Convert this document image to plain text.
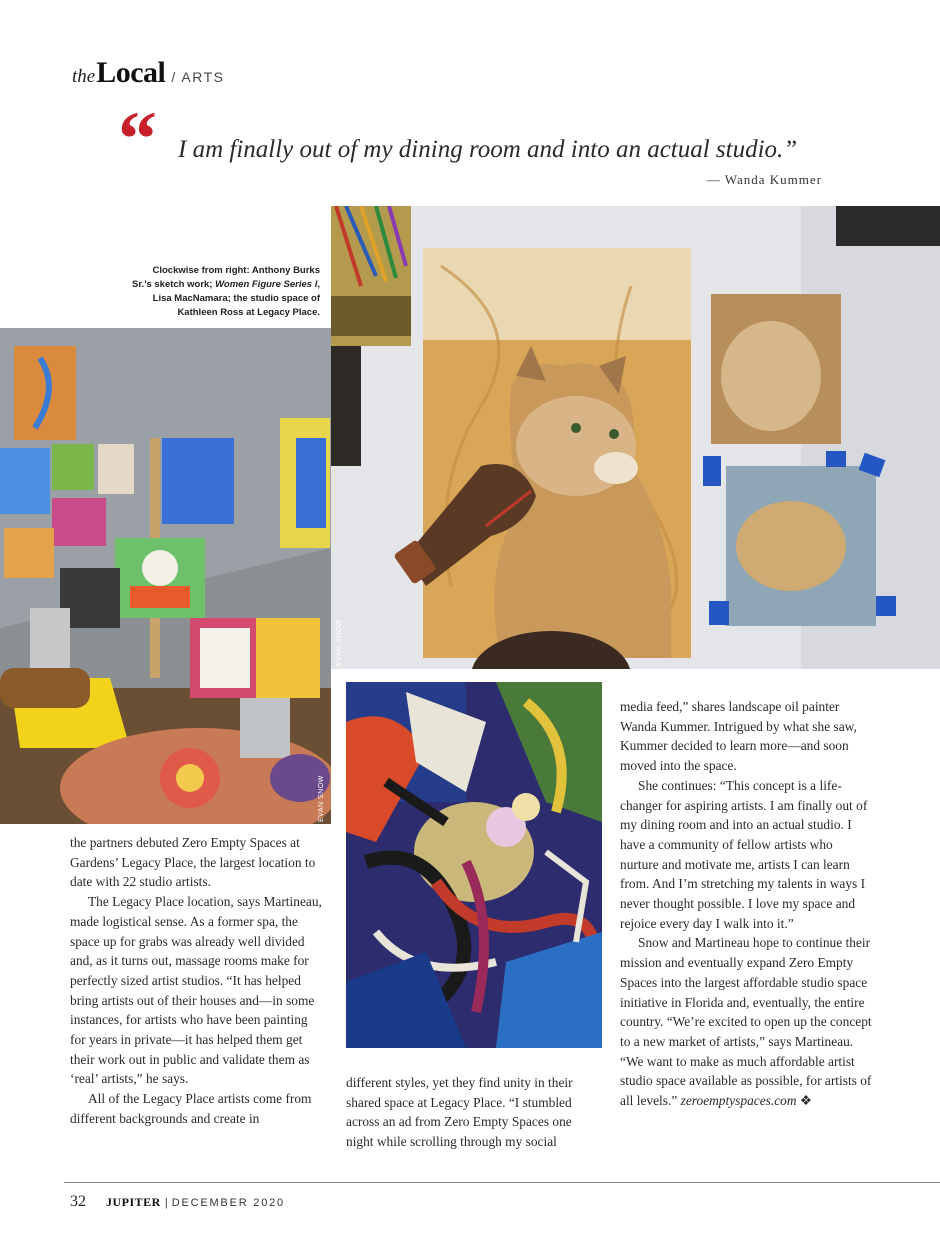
the Local / ARTS
“ I am finally out of my dining room and into an actual studio.”
— Wanda Kummer
Clockwise from right: Anthony Burks
Sr.’s sketch work; Women Figure Series I,
Lisa MacNamara; the studio space of
Kathleen Ross at Legacy Place.
EVAN SNOW
EVAN SNOW

the partners debuted Zero Empty Spaces at Gardens’ Legacy Place, the largest location to date with 22 studio artists.

The Legacy Place location, says Martineau, made logistical sense. As a former spa, the space up for grabs was already well divided and, as it turns out, massage rooms make for perfectly sized artist studios. “It has helped bring artists out of their houses and—in some instances, for artists who have been painting for years in private—it has helped them get their work out in public and validate them as ‘real’ artists,” he says.

All of the Legacy Place artists come from different backgrounds and create in

different styles, yet they find unity in their shared space at Legacy Place. “I stumbled across an ad from Zero Empty Spaces one night while scrolling through my social

media feed,” shares landscape oil painter Wanda Kummer. Intrigued by what she saw, Kummer decided to learn more—and soon moved into the space.

She continues: “This concept is a life-changer for aspiring artists. I am finally out of my dining room and into an actual studio. I have a community of fellow artists who nurture and motivate me, artists I can learn from. And I’m stretching my talents in ways I never thought possible. I love my space and rejoice every day I walk into it.”

Snow and Martineau hope to continue their mission and eventually expand Zero Empty Spaces into the largest affordable studio space initiative in Florida and, eventually, the entire country. “We’re excited to open up the concept to a new market of artists,” says Martineau. “We want to make as much affordable artist studio space available as possible, for artists of all levels.” zeroemptyspaces.com ❖

32 JUPITER | DECEMBER 2020
